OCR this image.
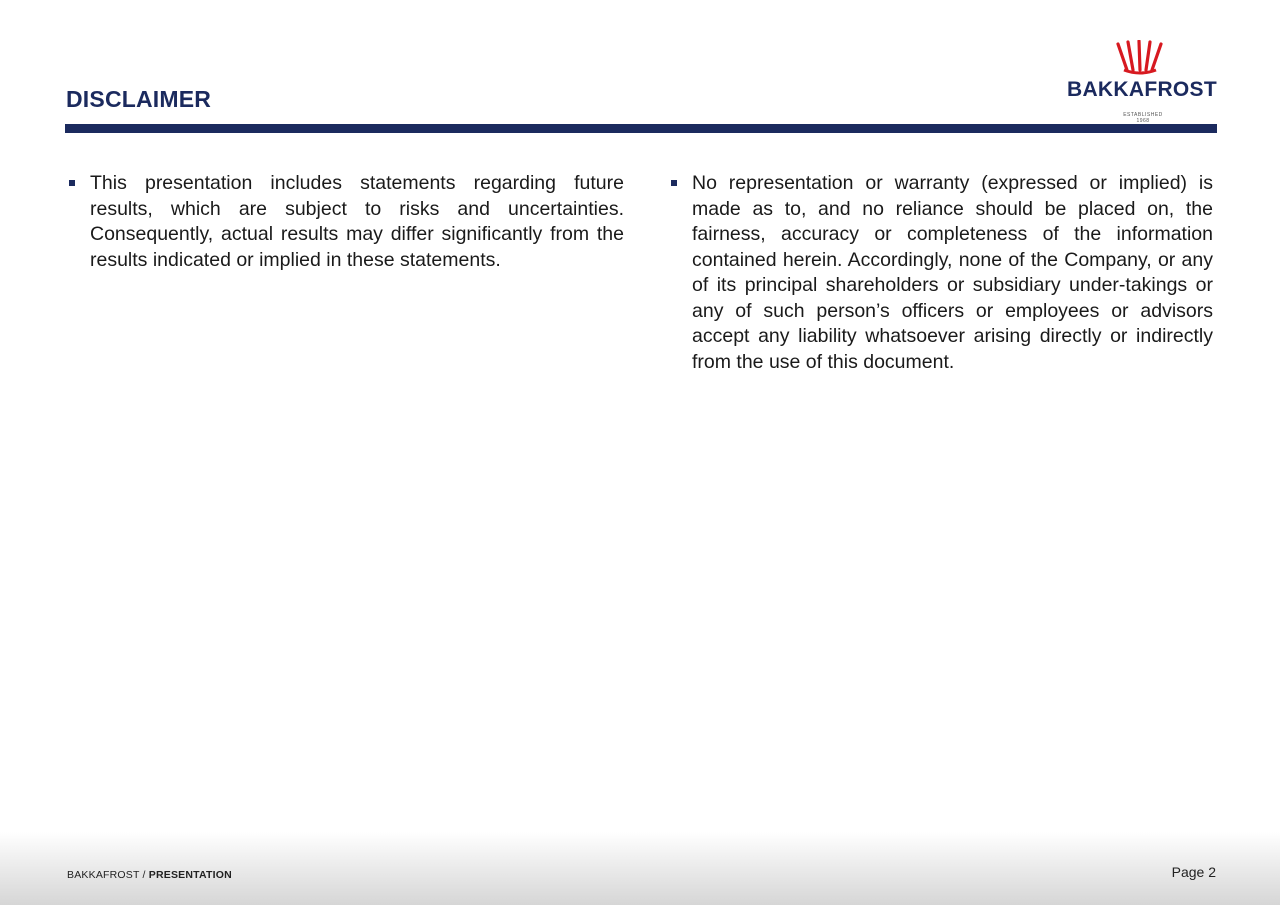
DISCLAIMER	BAKKAFROST
ESTABLISHED 1968
This presentation includes statements regarding future results, which are subject to risks and uncertainties. Consequently, actual results may differ significantly from the results indicated or implied in these statements.
No representation or warranty (expressed or implied) is made as to, and no reliance should be placed on, the fairness, accuracy or completeness of the information contained herein. Accordingly, none of the Company, or any of its principal shareholders or subsidiary under-takings or any of such person’s officers or employees or advisors accept any liability whatsoever arising directly or indirectly from the use of this document.
BAKKAFROST / PRESENTATION	Page 2
